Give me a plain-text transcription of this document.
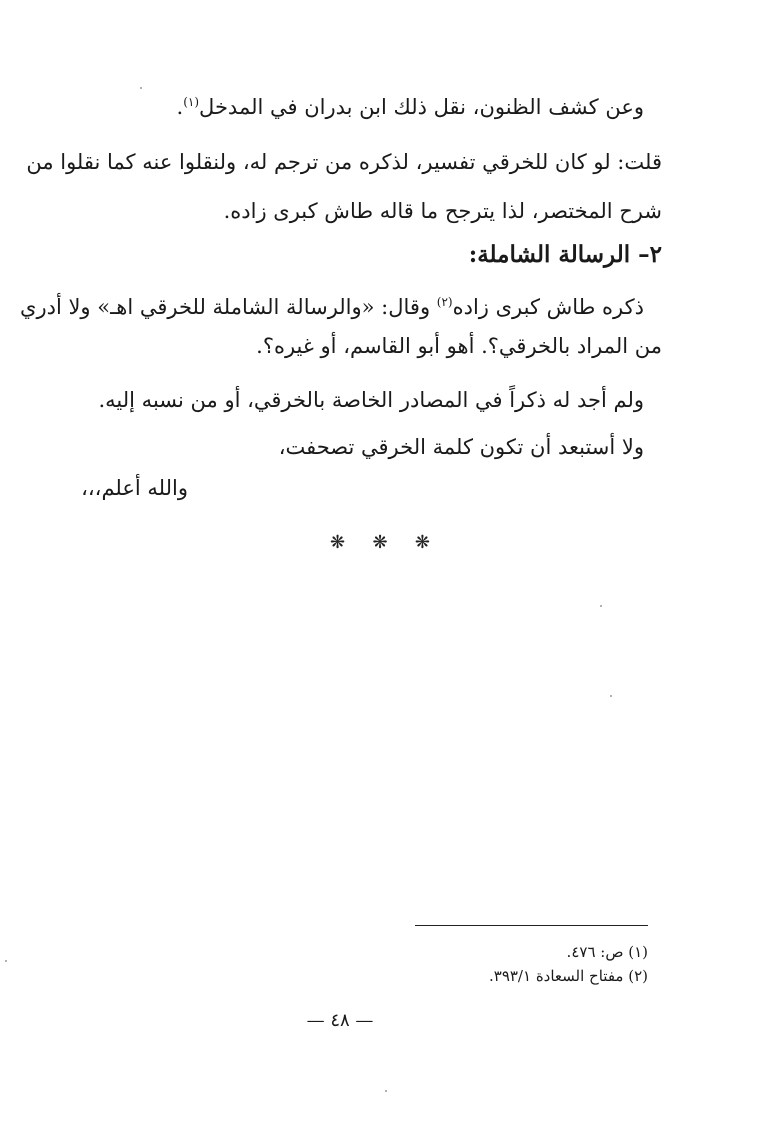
وعن كشف الظنون، نقل ذلك ابن بدران في المدخل$^{(١)}$.
قلت: لو كان للخرقي تفسير، لذكره من ترجم له، ولنقلوا عنه كما نقلوا من
شرح المختصر، لذا يترجح ما قاله طاش كبرى زاده.
٢– الرسالة الشاملة:
ذكره طاش كبرى زاده$^{(٢)}$ وقال: «والرسالة الشاملة للخرقي اهـ» ولا أدري
من المراد بالخرقي؟. أهو أبو القاسم، أو غيره؟.
ولم أجد له ذكراً في المصادر الخاصة بالخرقي، أو من نسبه إليه.
ولا أستبعد أن تكون كلمة الخرقي تصحفت،
والله أعلم،،،
❋ ❋ ❋
(١) ص: ٤٧٦.
(٢) مفتاح السعادة ٣٩٣/١.
— ٤٨ —
